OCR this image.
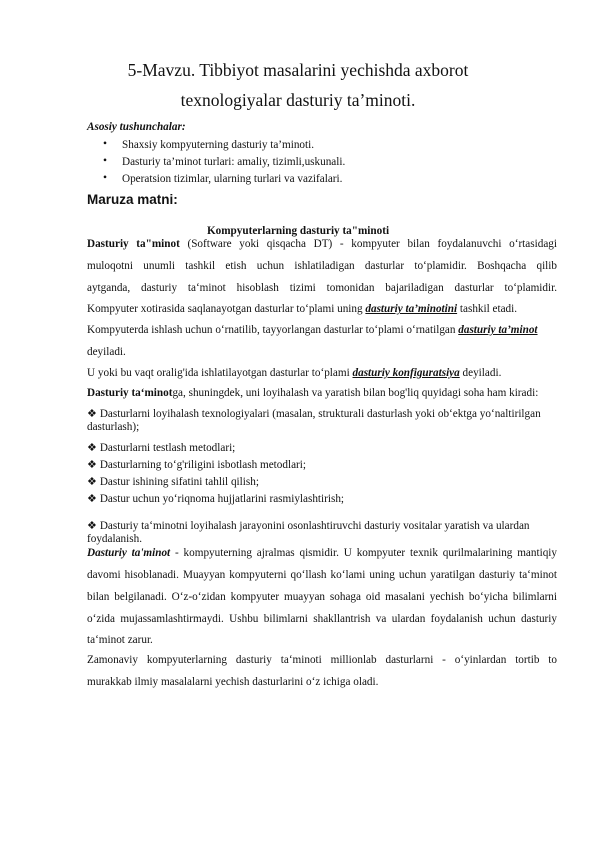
5-Mavzu. Tibbiyot masalarini yechishda axborot
texnologiyalar dasturiy ta’minoti.
Asosiy tushunchalar:
• Shaxsiy kompyuterning dasturiy ta’minoti.
• Dasturiy ta’minot turlari: amaliy, tizimli,uskunali.
• Operatsion tizimlar, ularning turlari va vazifalari.
Maruza matni:
Kompyuterlarning dasturiy ta"minoti
Dasturiy ta"minot (Software yoki qisqacha DT) - kompyuter bilan foydalanuvchi o‘rtasidagi
muloqotni unumli tashkil etish uchun ishlatiladigan dasturlar to‘plamidir. Boshqacha qilib
aytganda, dasturiy ta‘minot hisoblash tizimi tomonidan bajariladigan dasturlar to‘plamidir.
Kompyuter xotirasida saqlanayotgan dasturlar to‘plami uning dasturiy ta’minotini tashkil etadi.
Kompyuterda ishlash uchun o‘rnatilib, tayyorlangan dasturlar to‘plami o‘rnatilgan dasturiy ta’minot
deyiladi.
U yoki bu vaqt oralig'ida ishlatilayotgan dasturlar to‘plami dasturiy konfiguratsiya deyiladi.
Dasturiy ta‘minotga, shuningdek, uni loyihalash va yaratish bilan bog'liq quyidagi soha ham kiradi:
❖ Dasturlarni loyihalash texnologiyalari (masalan, strukturali dasturlash yoki ob‘ektga yo‘naltirilgan
dasturlash);
❖ Dasturlarni testlash metodlari;
❖ Dasturlarning to‘g'riligini isbotlash metodlari;
❖ Dastur ishining sifatini tahlil qilish;
❖ Dastur uchun yo‘riqnoma hujjatlarini rasmiylashtirish;
❖ Dasturiy ta‘minotni loyihalash jarayonini osonlashtiruvchi dasturiy vositalar yaratish va ulardan
foydalanish.
Dasturiy ta'minot - kompyuterning ajralmas qismidir. U kompyuter texnik qurilmalarining mantiqiy
davomi hisoblanadi. Muayyan kompyuterni qo‘llash ko‘lami uning uchun yaratilgan dasturiy ta‘minot
bilan belgilanadi. O‘z-o‘zidan kompyuter muayyan sohaga oid masalani yechish bo‘yicha bilimlarni
o‘zida mujassamlashtirmaydi. Ushbu bilimlarni shakllantrish va ulardan foydalanish uchun dasturiy
ta‘minot zarur.
Zamonaviy kompyuterlarning dasturiy ta‘minoti millionlab dasturlarni - o‘yinlardan tortib to
murakkab ilmiy masalalarni yechish dasturlarini o‘z ichiga oladi.
